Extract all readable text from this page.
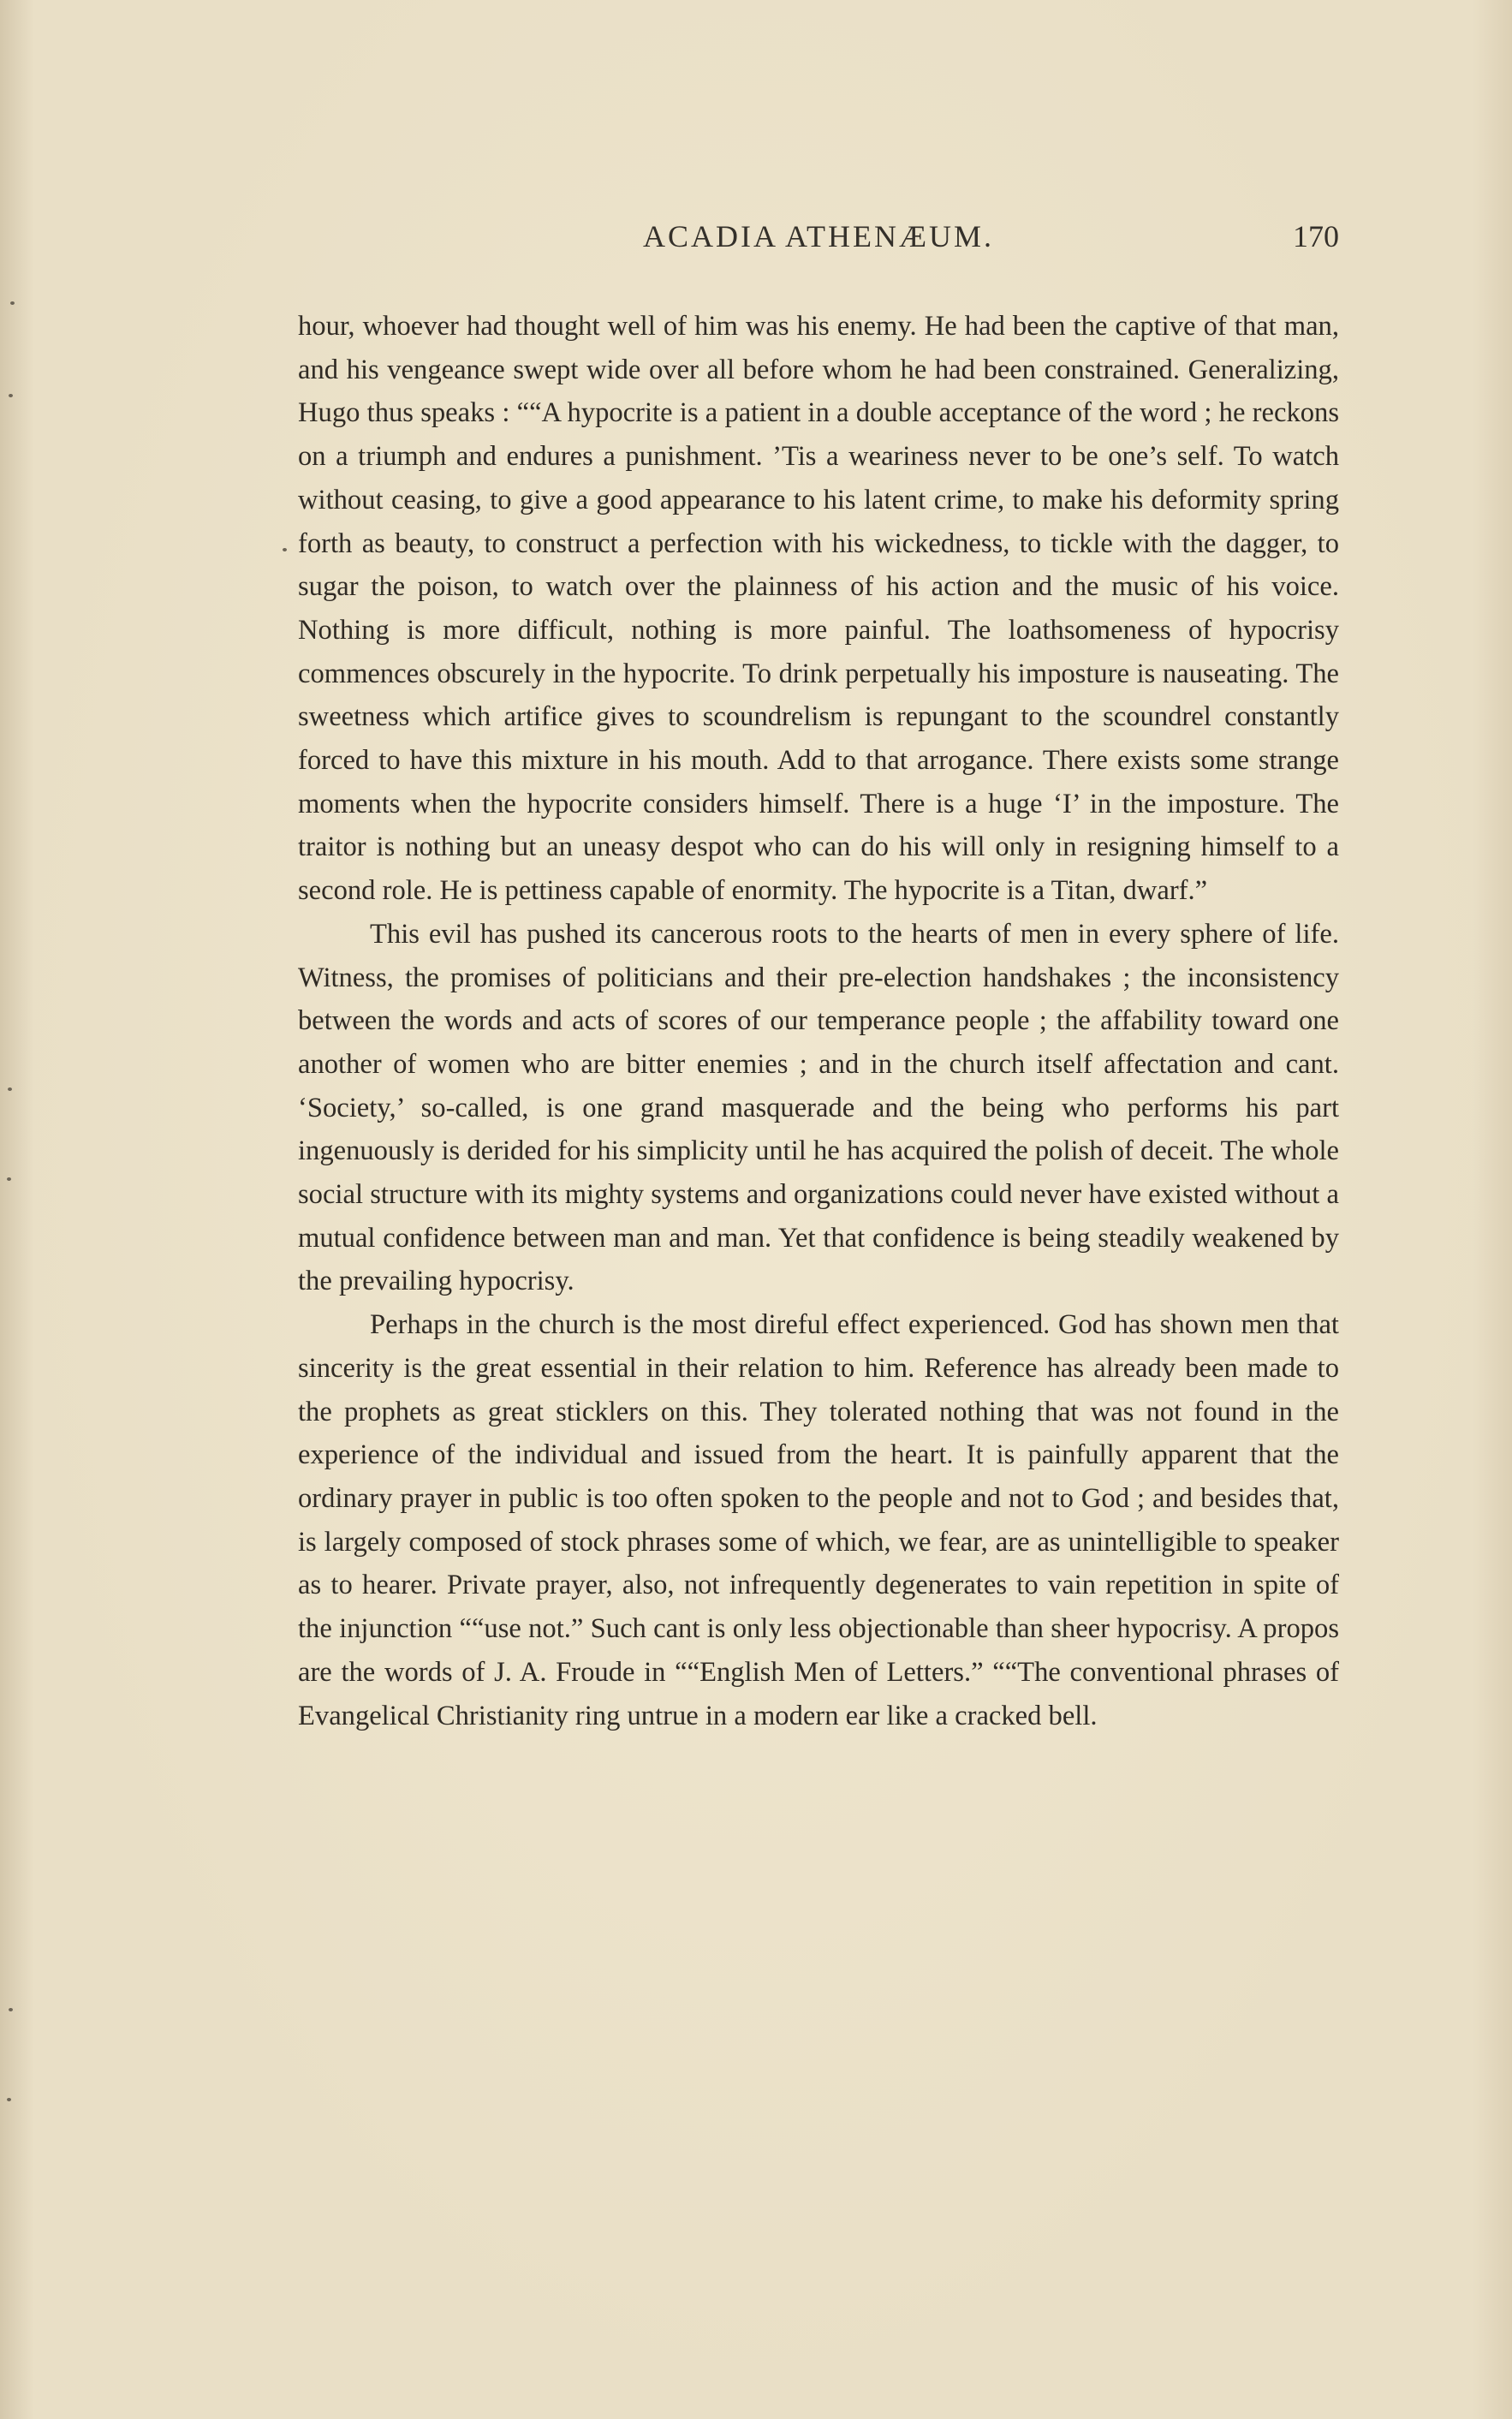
ACADIA ATHENÆUM.	170

hour, whoever had thought well of him was his enemy. He had been the captive of that man, and his vengeance swept wide over all before whom he had been constrained. Generalizing, Hugo thus speaks : ““A hypocrite is a patient in a double acceptance of the word ; he reckons on a triumph and endures a punishment. ’Tis a weariness never to be one’s self. To watch without ceasing, to give a good appearance to his latent crime, to make his deformity spring forth as beauty, to construct a perfection with his wickedness, to tickle with the dagger, to sugar the poison, to watch over the plainness of his action and the music of his voice. Nothing is more difficult, nothing is more painful. The loathsomeness of hypocrisy commences obscurely in the hypocrite. To drink perpetually his imposture is nauseating. The sweetness which artifice gives to scoundrelism is repungant to the scoundrel constantly forced to have this mixture in his mouth. Add to that arrogance. There exists some strange moments when the hypocrite considers himself. There is a huge ‘I’ in the imposture. The traitor is nothing but an uneasy despot who can do his will only in resigning himself to a second role. He is pettiness capable of enormity. The hypocrite is a Titan, dwarf.”

This evil has pushed its cancerous roots to the hearts of men in every sphere of life. Witness, the promises of politicians and their pre-election handshakes ; the inconsistency between the words and acts of scores of our temperance people ; the affability toward one another of women who are bitter enemies ; and in the church itself affectation and cant. ‘Society,’ so-called, is one grand masquerade and the being who performs his part ingenuously is derided for his simplicity until he has acquired the polish of deceit. The whole social structure with its mighty systems and organizations could never have existed without a mutual confidence between man and man. Yet that confidence is being steadily weakened by the prevailing hypocrisy.

Perhaps in the church is the most direful effect experienced. God has shown men that sincerity is the great essential in their relation to him. Reference has already been made to the prophets as great sticklers on this. They tolerated nothing that was not found in the experience of the individual and issued from the heart. It is painfully apparent that the ordinary prayer in public is too often spoken to the people and not to God ; and besides that, is largely composed of stock phrases some of which, we fear, are as unintelligible to speaker as to hearer. Private prayer, also, not infrequently degenerates to vain repetition in spite of the injunction ““use not.” Such cant is only less objectionable than sheer hypocrisy. A propos are the words of J. A. Froude in ““English Men of Letters.” ““The conventional phrases of Evangelical Christianity ring untrue in a modern ear like a cracked bell.
